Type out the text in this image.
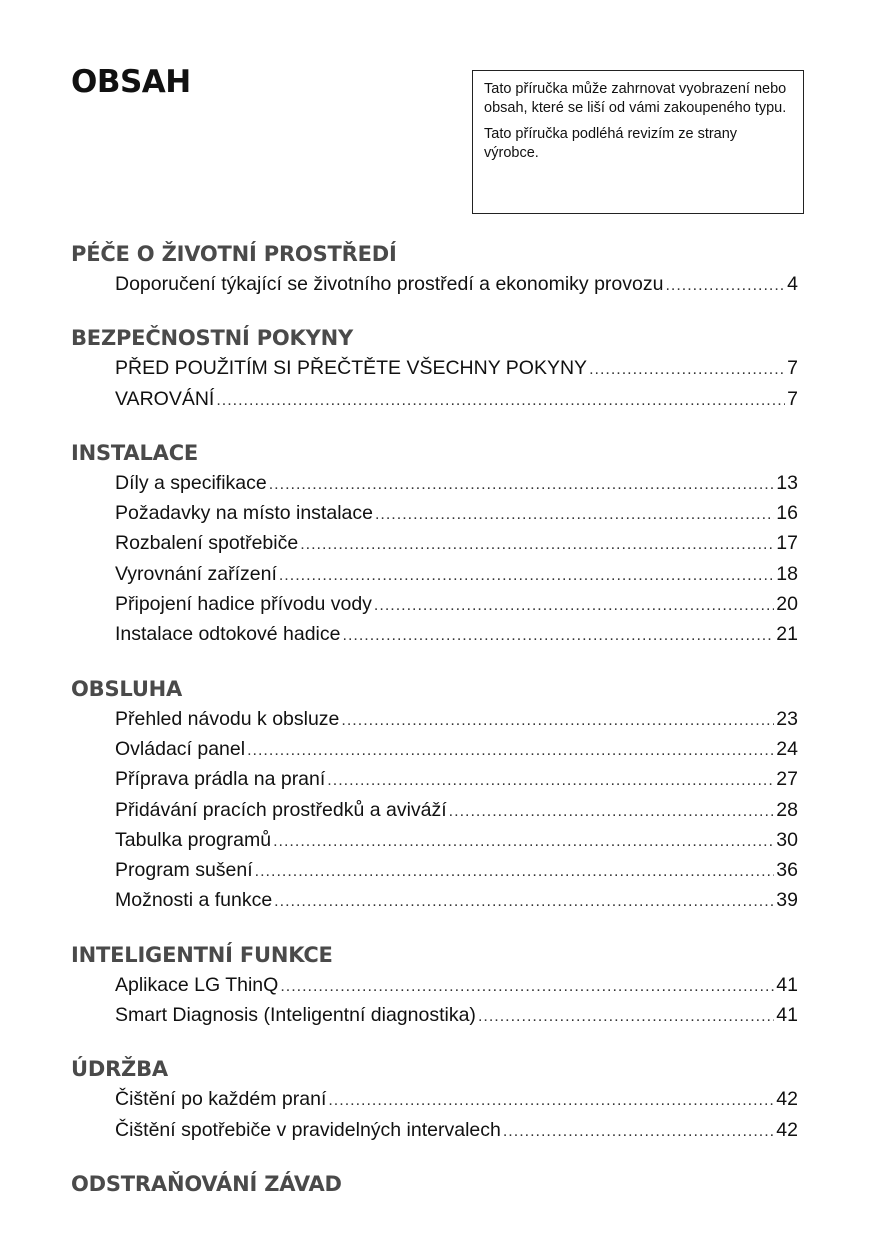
OBSAH	Tato příručka může zahrnovat vyobrazení nebo obsah, které se liší od vámi zakoupeného typu.

Tato příručka podléhá revizím ze strany výrobce.

PÉČE O ŽIVOTNÍ PROSTŘEDÍ
Doporučení týkající se životního prostředí a ekonomiky provozu .....	4
BEZPEČNOSTNÍ POKYNY
PŘED POUŽITÍM SI PŘEČTĚTE VŠECHNY POKYNY .....	7
VAROVÁNÍ .....	7
INSTALACE
Díly a specifikace .....	13
Požadavky na místo instalace .....	16
Rozbalení spotřebiče .....	17
Vyrovnání zařízení .....	18
Připojení hadice přívodu vody .....	20
Instalace odtokové hadice .....	21
OBSLUHA
Přehled návodu k obsluze .....	23
Ovládací panel .....	24
Příprava prádla na praní .....	27
Přidávání pracích prostředků a aviváží .....	28
Tabulka programů .....	30
Program sušení .....	36
Možnosti a funkce .....	39
INTELIGENTNÍ FUNKCE
Aplikace LG ThinQ .....	41
Smart Diagnosis (Inteligentní diagnostika) .....	41
ÚDRŽBA
Čištění po každém praní .....	42
Čištění spotřebiče v pravidelných intervalech .....	42
ODSTRAŇOVÁNÍ ZÁVAD
